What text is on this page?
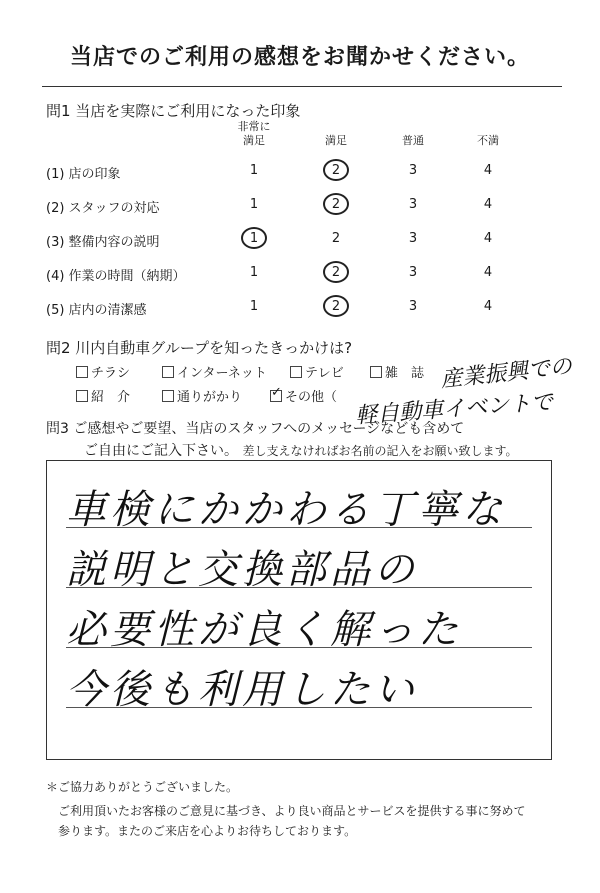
当店でのご利用の感想をお聞かせください。
問1 当店を実際にご利用になった印象
非常に
満足	満足	普通	不満
(1) 店の印象	1	2	3	4
(2) スタッフの対応	1	2	3	4
(3) 整備内容の説明	1	2	3	4
(4) 作業の時間（納期）	1	2	3	4
(5) 店内の清潔感	1	2	3	4
問2 川内自動車グループを知ったきっかけは?
チラシ	インターネット	テレビ	雑　誌
紹　介	通りがかり ✓ その他（
産業振興での
軽自動車イベントで
問3 ご感想やご要望、当店のスタッフへのメッセージなども含めて
ご自由にご記入下さい。 差し支えなければお名前の記入をお願い致します。
車検にかかわる丁寧な
説明と交換部品の
必要性が良く解った
今後も利用したい
＊ご協力ありがとうございました。
ご利用頂いたお客様のご意見に基づき、より良い商品とサービスを提供する事に努めて
参ります。またのご来店を心よりお待ちしております。
